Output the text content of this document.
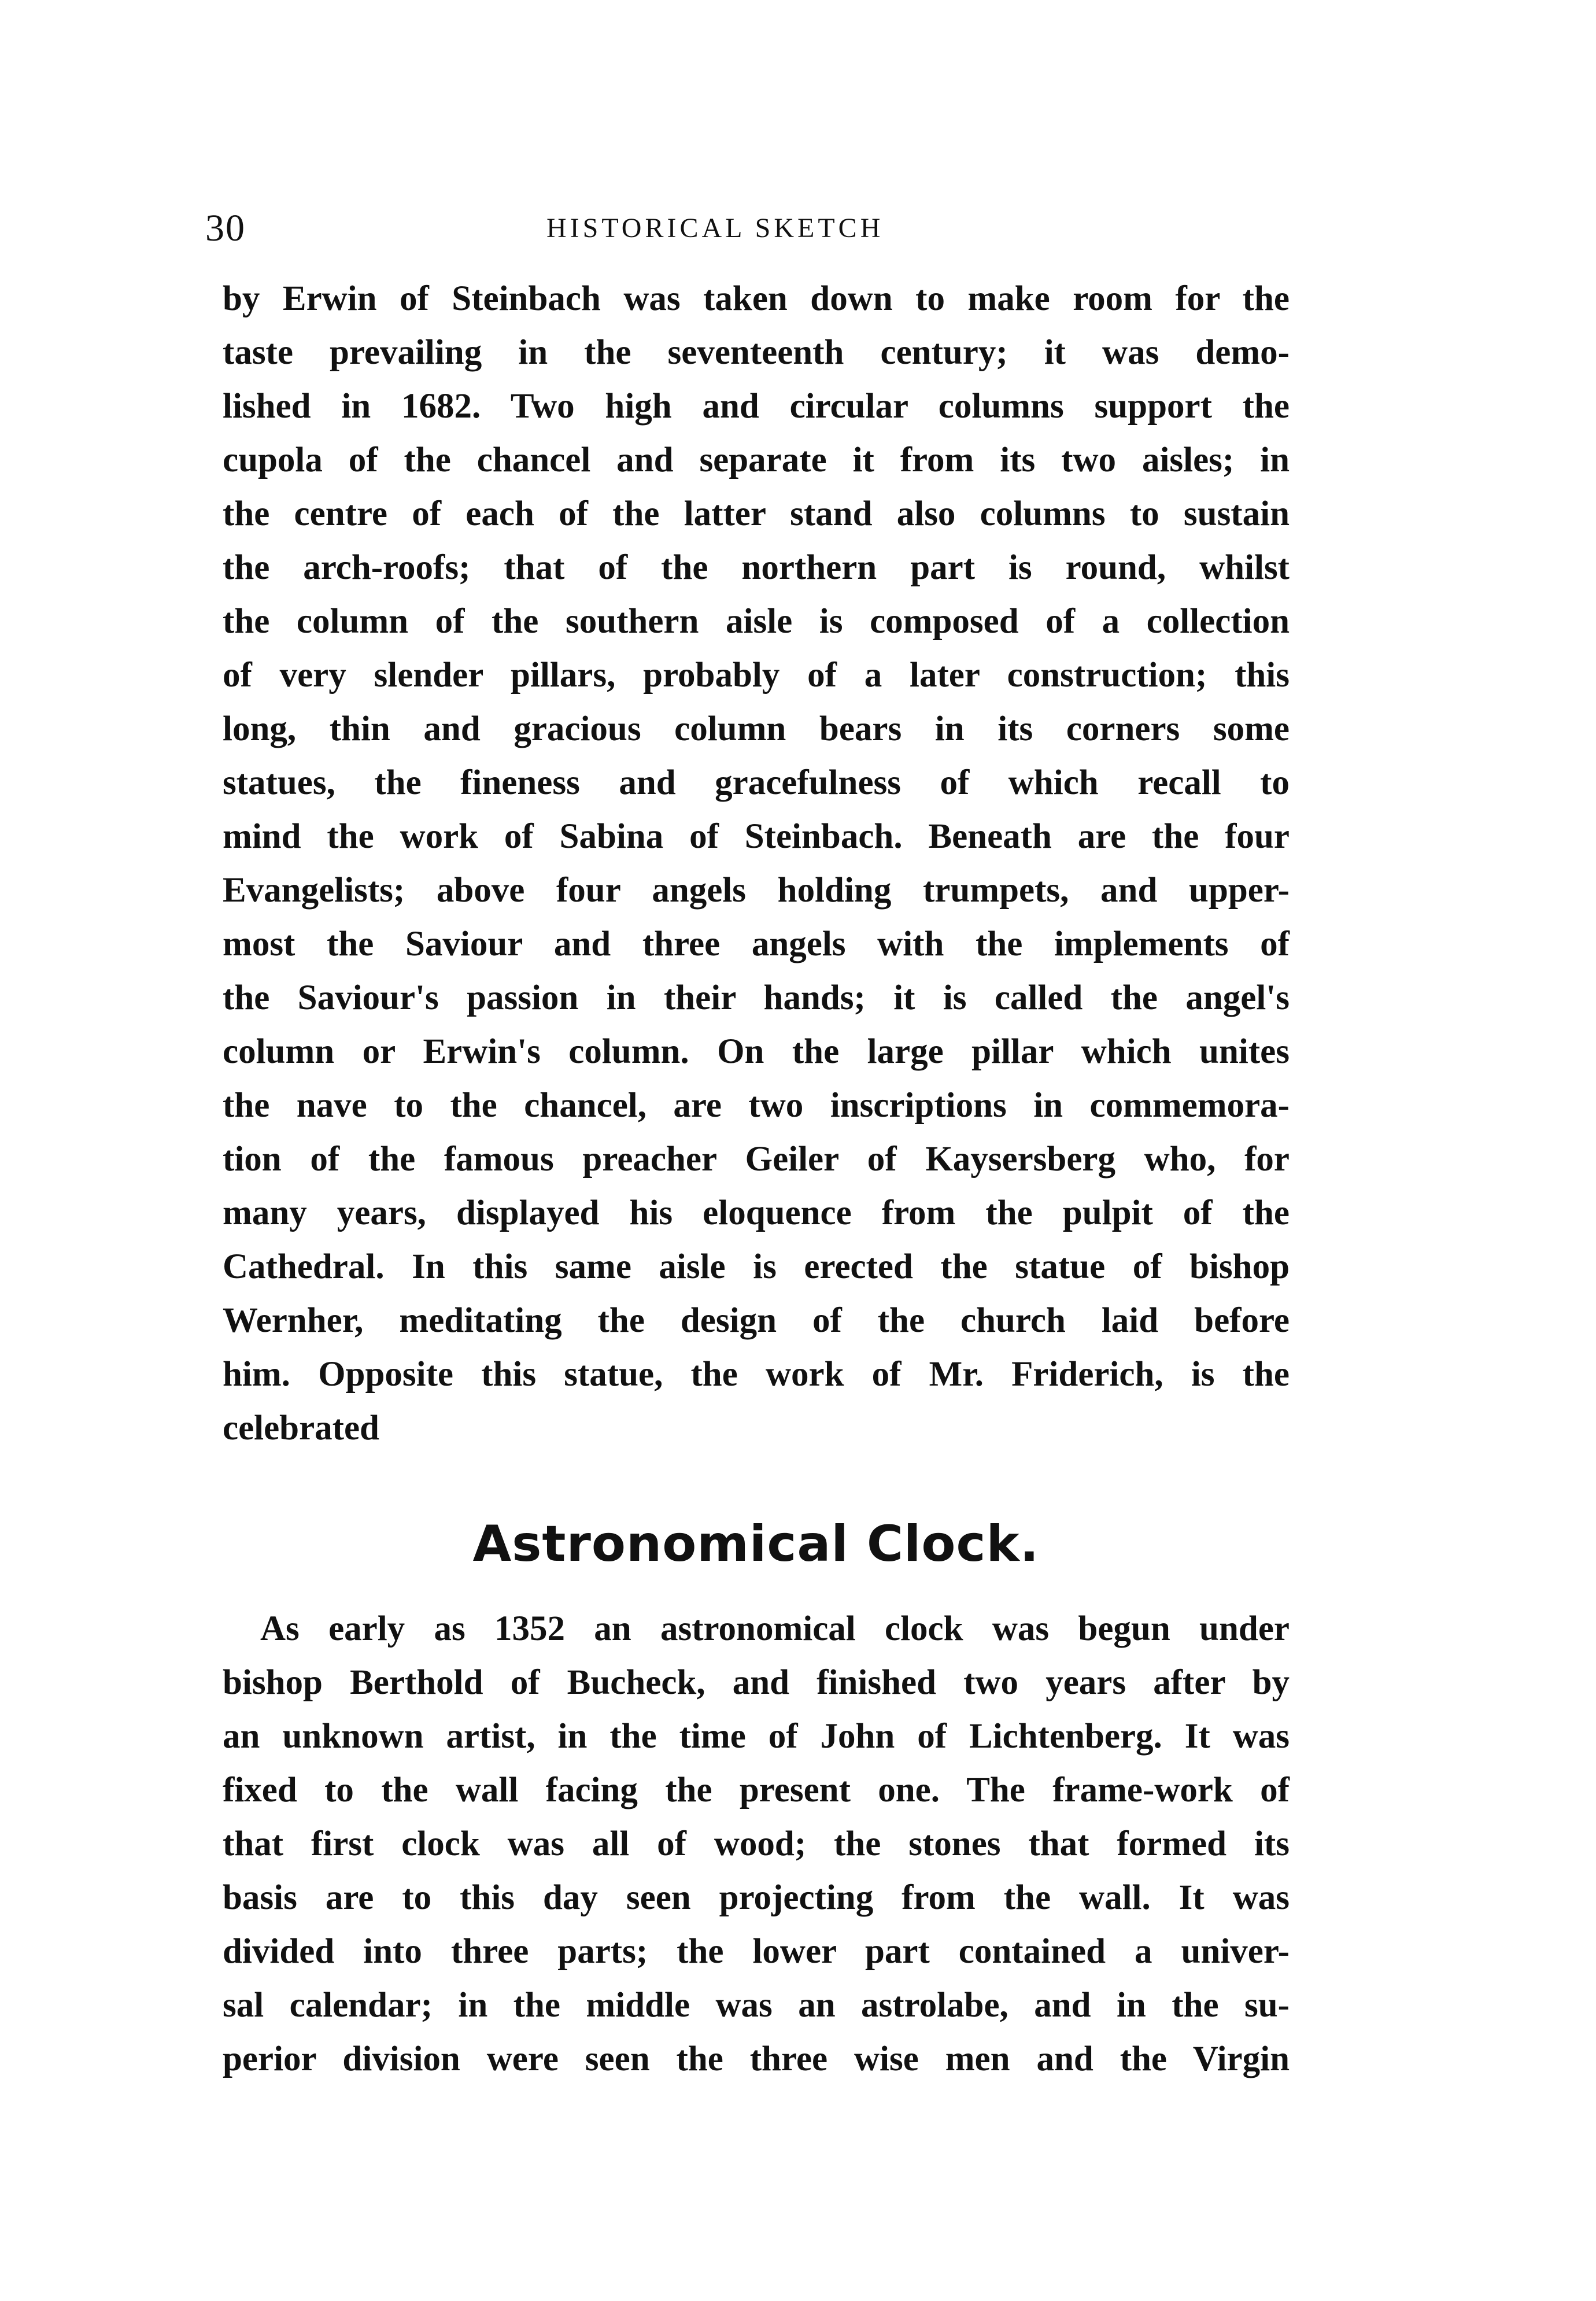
30	HISTORICAL SKETCH
by Erwin of Steinbach was taken down to make room for the
taste prevailing in the seventeenth century; it was demo-
lished in 1682. Two high and circular columns support the
cupola of the chancel and separate it from its two aisles; in
the centre of each of the latter stand also columns to sustain
the arch-roofs; that of the northern part is round, whilst
the column of the southern aisle is composed of a collection
of very slender pillars, probably of a later construction; this
long, thin and gracious column bears in its corners some
statues, the fineness and gracefulness of which recall to
mind the work of Sabina of Steinbach. Beneath are the four
Evangelists; above four angels holding trumpets, and upper-
most the Saviour and three angels with the implements of
the Saviour's passion in their hands; it is called the angel's
column or Erwin's column. On the large pillar which unites
the nave to the chancel, are two inscriptions in commemora-
tion of the famous preacher Geiler of Kaysersberg who, for
many years, displayed his eloquence from the pulpit of the
Cathedral. In this same aisle is erected the statue of bishop
Wernher, meditating the design of the church laid before
him. Opposite this statue, the work of Mr. Friderich, is the
celebrated
Astronomical Clock.
As early as 1352 an astronomical clock was begun under
bishop Berthold of Bucheck, and finished two years after by
an unknown artist, in the time of John of Lichtenberg. It was
fixed to the wall facing the present one. The frame-work of
that first clock was all of wood; the stones that formed its
basis are to this day seen projecting from the wall. It was
divided into three parts; the lower part contained a univer-
sal calendar; in the middle was an astrolabe, and in the su-
perior division were seen the three wise men and the Virgin
